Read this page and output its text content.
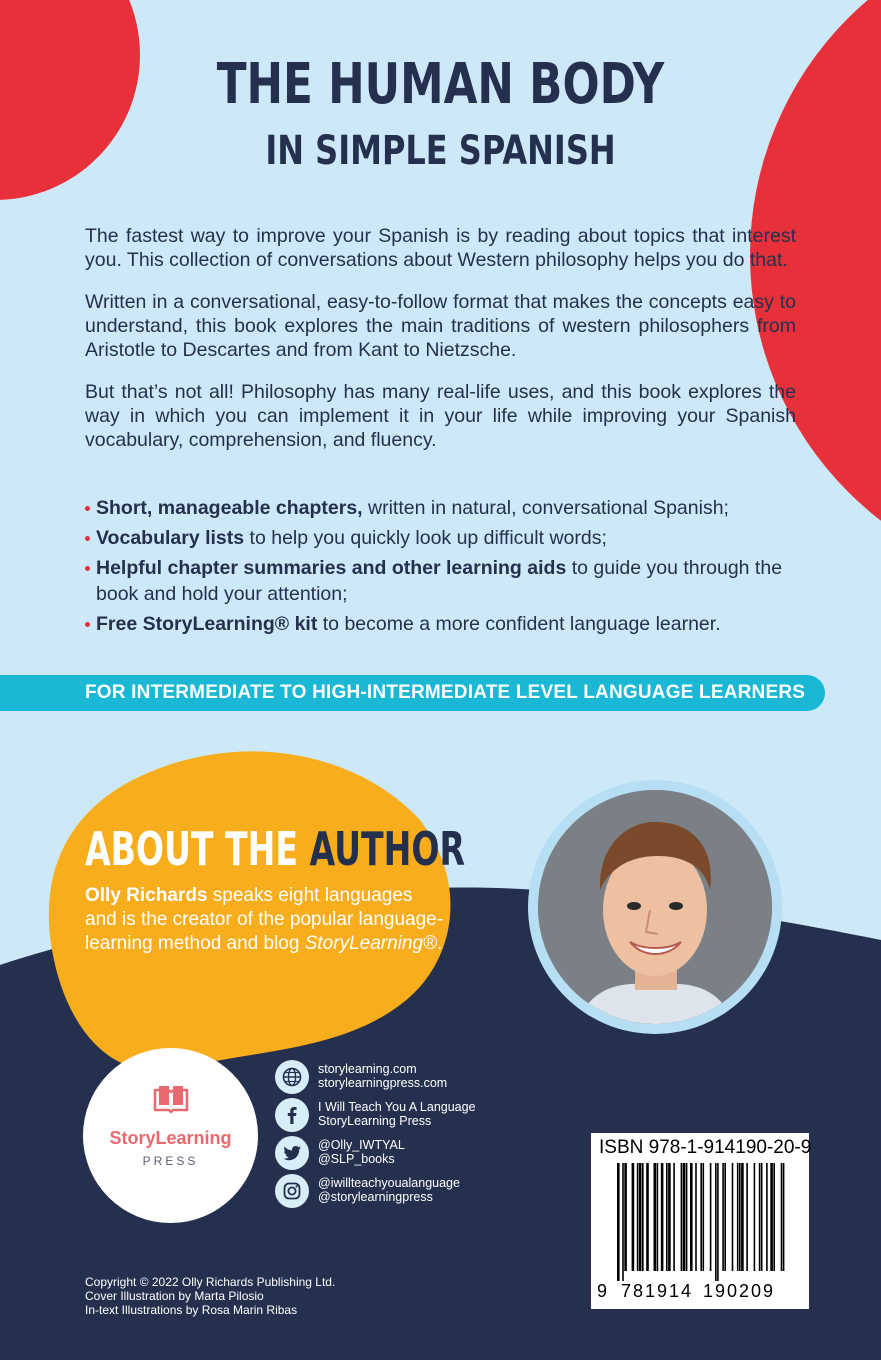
THE HUMAN BODY
IN SIMPLE SPANISH

The fastest way to improve your Spanish is by reading about topics that interest you. This collection of conversations about Western philosophy helps you do that.

Written in a conversational, easy-to-follow format that makes the concepts easy to understand, this book explores the main traditions of western philosophers from Aristotle to Descartes and from Kant to Nietzsche.

But that’s not all! Philosophy has many real-life uses, and this book explores the way in which you can implement it in your life while improving your Spanish vocabulary, comprehension, and fluency.

Short, manageable chapters, written in natural, conversational Spanish;
Vocabulary lists to help you quickly look up difficult words;
Helpful chapter summaries and other learning aids to guide you through the book and hold your attention;
Free StoryLearning® kit to become a more confident language learner.
FOR INTERMEDIATE TO HIGH-INTERMEDIATE LEVEL LANGUAGE LEARNERS
ABOUT THE AUTHOR
Olly Richards speaks eight languages and is the creator of the popular language-learning method and blog StoryLearning®.
StoryLearning
PRESS
storylearning.com
storylearningpress.com
I Will Teach You A Language
StoryLearning Press
@Olly_IWTYAL
@SLP_books
@iwillteachyoualanguage
@storylearningpress
ISBN 978-1-914190-20-9
9 781914 190209
Copyright © 2022 Olly Richards Publishing Ltd.
Cover Illustration by Marta Pilosio
In-text Illustrations by Rosa Marin Ribas
